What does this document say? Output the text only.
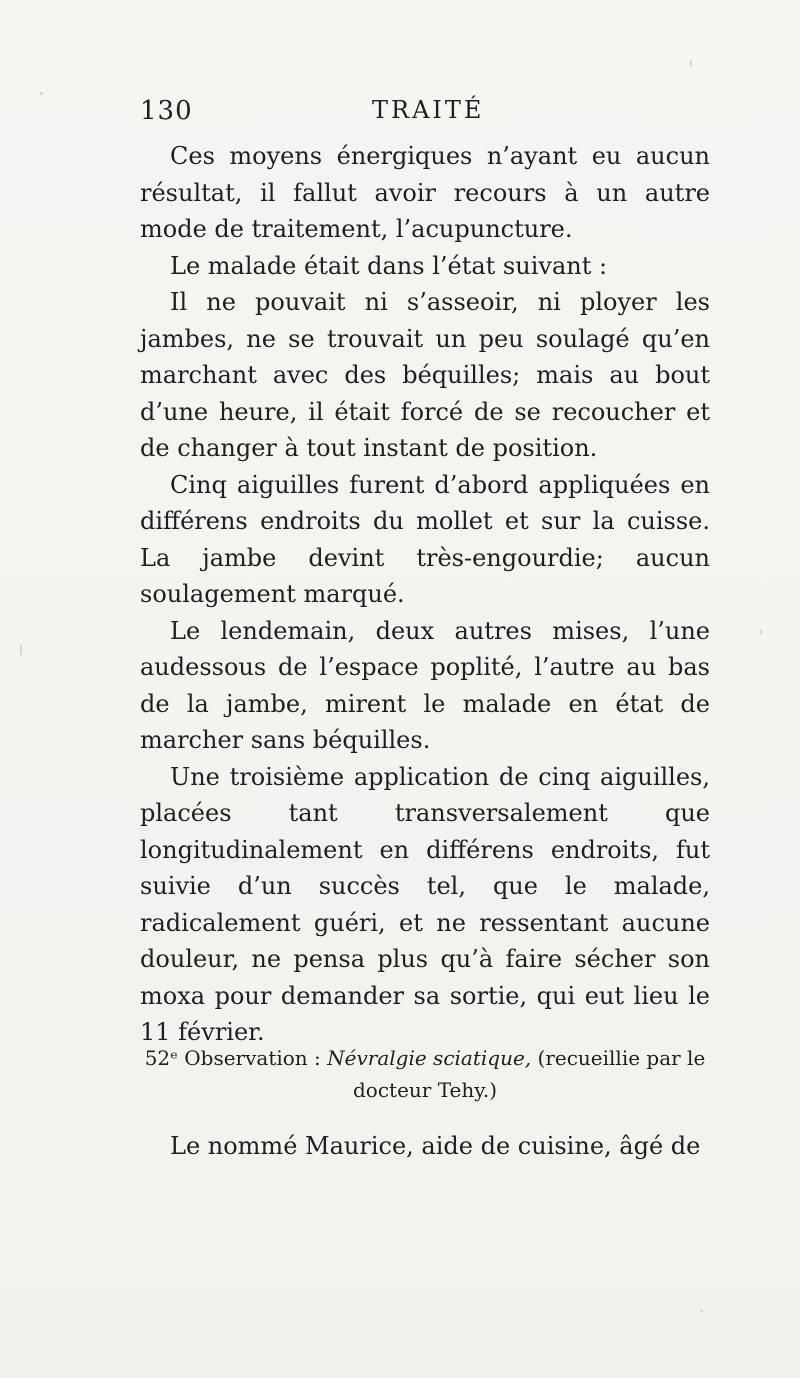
130	TRAITÉ

Ces moyens énergiques n’ayant eu aucun résultat, il fallut avoir recours à un autre mode de traitement, l’acupuncture.

Le malade était dans l’état suivant :

Il ne pouvait ni s’asseoir, ni ployer les jambes, ne se trouvait un peu soulagé qu’en marchant avec des béquilles; mais au bout d’une heure, il était forcé de se recoucher et de changer à tout instant de position.

Cinq aiguilles furent d’abord appliquées en différens endroits du mollet et sur la cuisse. La jambe devint très-engourdie; aucun soulagement marqué.

Le lendemain, deux autres mises, l’une audessous de l’espace poplité, l’autre au bas de la jambe, mirent le malade en état de marcher sans béquilles.

Une troisième application de cinq aiguilles, placées tant transversalement que longitudinalement en différens endroits, fut suivie d’un succès tel, que le malade, radicalement guéri, et ne ressentant aucune douleur, ne pensa plus qu’à faire sécher son moxa pour demander sa sortie, qui eut lieu le 11 février.

52ᵉ Observation : Névralgie sciatique, (recueillie par le docteur Tehy.)
Le nommé Maurice, aide de cuisine, âgé de
